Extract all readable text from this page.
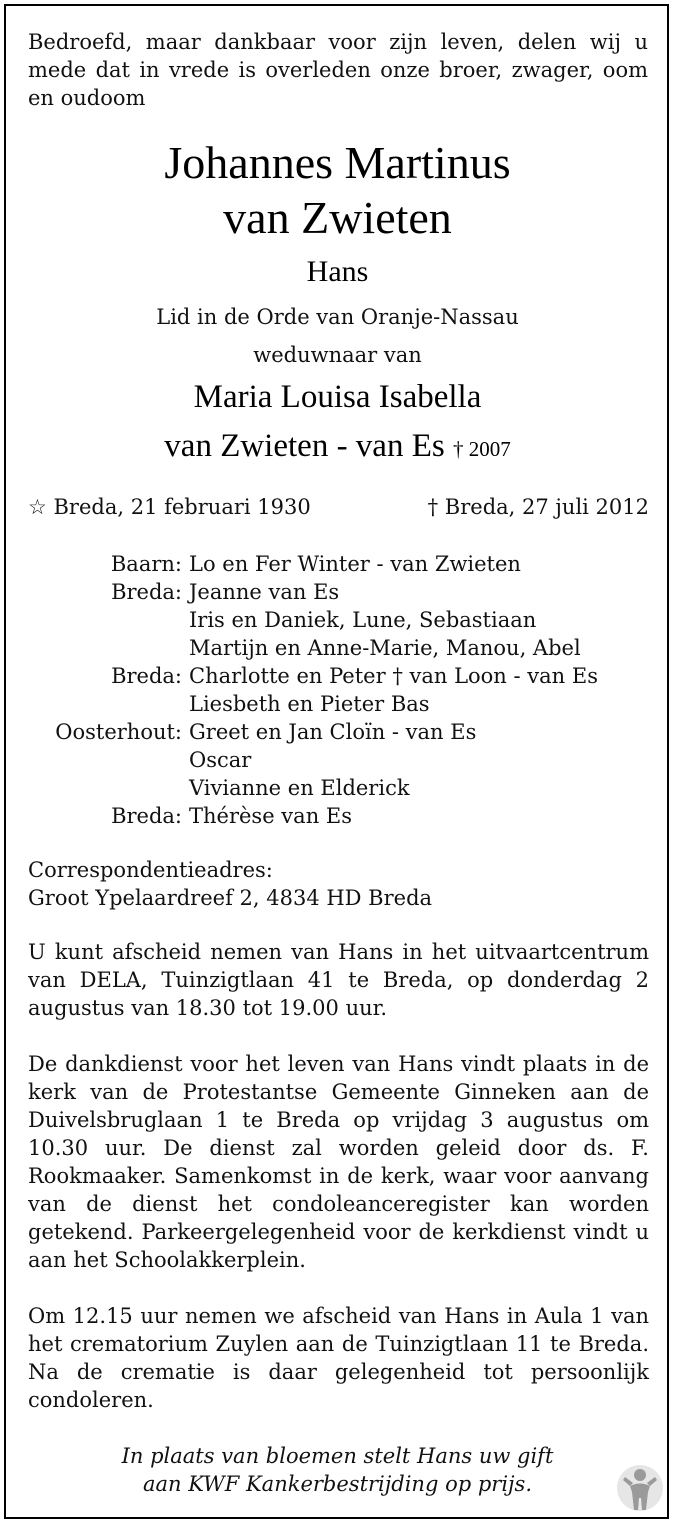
Bedroefd, maar dankbaar voor zijn leven, delen wij u mede dat in vrede is overleden onze broer, zwager, oom en oudoom
Johannes Martinus
van Zwieten
Hans
Lid in de Orde van Oranje-Nassau
weduwnaar van
Maria Louisa Isabella
van Zwieten - van Es † 2007
☆ Breda, 21 februari 1930	† Breda, 27 juli 2012
Baarn: Lo en Fer Winter - van Zwieten
Breda: Jeanne van Es
Iris en Daniek, Lune, Sebastiaan
Martijn en Anne-Marie, Manou, Abel
Breda: Charlotte en Peter † van Loon - van Es
Liesbeth en Pieter Bas
Oosterhout: Greet en Jan Cloïn - van Es
Oscar
Vivianne en Elderick
Breda: Thérèse van Es
Correspondentieadres:
Groot Ypelaardreef 2, 4834 HD Breda
U kunt afscheid nemen van Hans in het uitvaartcentrum van DELA, Tuinzigtlaan 41 te Breda, op donderdag 2 augustus van 18.30 tot 19.00 uur.
De dankdienst voor het leven van Hans vindt plaats in de kerk van de Protestantse Gemeente Ginneken aan de Duivelsbruglaan 1 te Breda op vrijdag 3 augustus om 10.30 uur. De dienst zal worden geleid door ds. F. Rookmaaker. Samenkomst in de kerk, waar voor aanvang van de dienst het condoleanceregister kan worden getekend. Parkeergelegenheid voor de kerkdienst vindt u aan het Schoolakkerplein.
Om 12.15 uur nemen we afscheid van Hans in Aula 1 van het crematorium Zuylen aan de Tuinzigtlaan 11 te Breda. Na de crematie is daar gelegenheid tot persoonlijk condoleren.
In plaats van bloemen stelt Hans uw gift
aan KWF Kankerbestrijding op prijs.
